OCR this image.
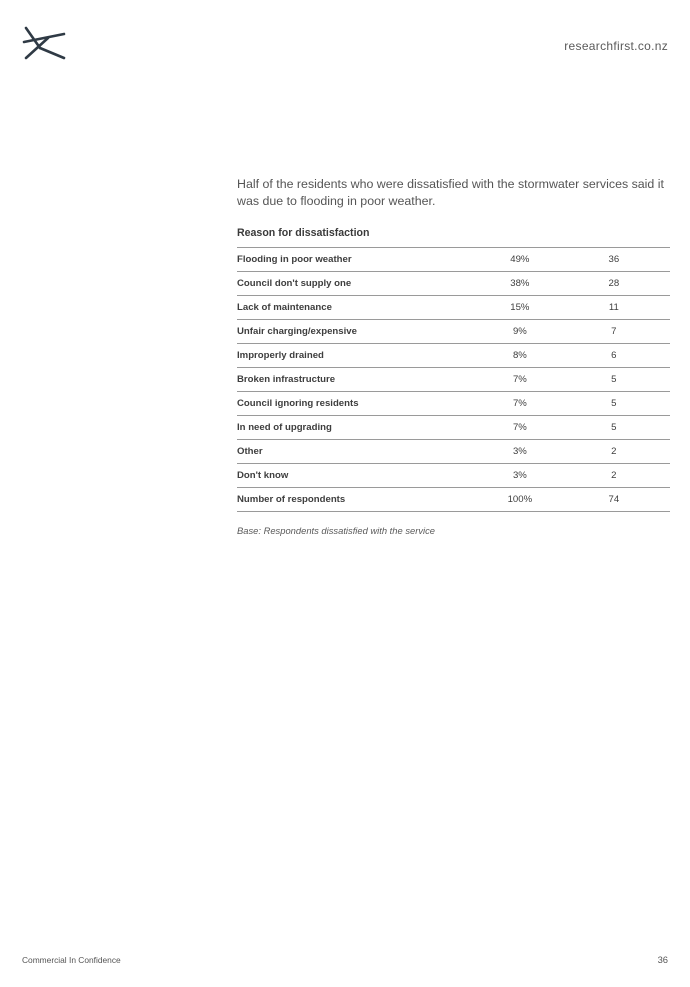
researchfirst.co.nz
Half of the residents who were dissatisfied with the stormwater services said it was due to flooding in poor weather.
Reason for dissatisfaction
Flooding in poor weather	49%	36
Council don't supply one	38%	28
Lack of maintenance	15%	11
Unfair charging/expensive	9%	7
Improperly drained	8%	6
Broken infrastructure	7%	5
Council ignoring residents	7%	5
In need of upgrading	7%	5
Other	3%	2
Don't know	3%	2
Number of respondents	100%	74
Base: Respondents dissatisfied with the service
Commercial In Confidence	36
